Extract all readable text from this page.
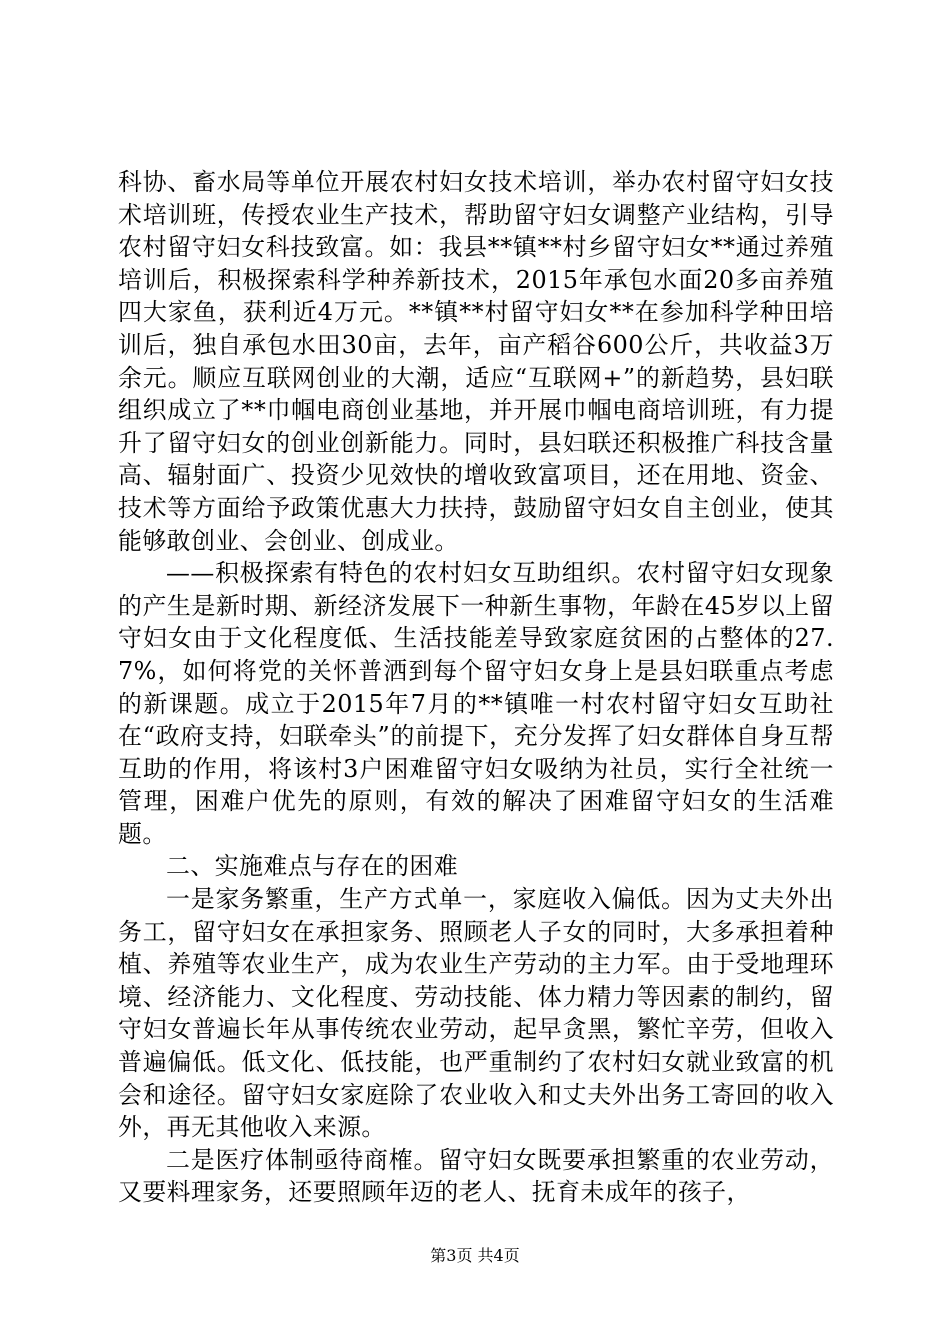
科协、畜水局等单位开展农村妇女技术培训，举办农村留守妇女技术培训班，传授农业生产技术，帮助留守妇女调整产业结构，引导农村留守妇女科技致富。如：我县**镇**村乡留守妇女**通过养殖培训后，积极探索科学种养新技术，2015年承包水面20多亩养殖四大家鱼，获利近4万元。**镇**村留守妇女**在参加科学种田培训后，独自承包水田30亩，去年，亩产稻谷600公斤，共收益3万余元。顺应互联网创业的大潮，适应“互联网+”的新趋势，县妇联组织成立了**巾帼电商创业基地，并开展巾帼电商培训班，有力提升了留守妇女的创业创新能力。同时，县妇联还积极推广科技含量高、辐射面广、投资少见效快的增收致富项目，还在用地、资金、技术等方面给予政策优惠大力扶持，鼓励留守妇女自主创业，使其能够敢创业、会创业、创成业。

——积极探索有特色的农村妇女互助组织。农村留守妇女现象的产生是新时期、新经济发展下一种新生事物，年龄在45岁以上留守妇女由于文化程度低、生活技能差导致家庭贫困的占整体的27.7%，如何将党的关怀普洒到每个留守妇女身上是县妇联重点考虑的新课题。成立于2015年7月的**镇唯一村农村留守妇女互助社在“政府支持，妇联牵头”的前提下，充分发挥了妇女群体自身互帮互助的作用，将该村3户困难留守妇女吸纳为社员，实行全社统一管理，困难户优先的原则，有效的解决了困难留守妇女的生活难题。

二、实施难点与存在的困难

一是家务繁重，生产方式单一，家庭收入偏低。因为丈夫外出务工，留守妇女在承担家务、照顾老人子女的同时，大多承担着种植、养殖等农业生产，成为农业生产劳动的主力军。由于受地理环境、经济能力、文化程度、劳动技能、体力精力等因素的制约，留守妇女普遍长年从事传统农业劳动，起早贪黑，繁忙辛劳，但收入普遍偏低。低文化、低技能，也严重制约了农村妇女就业致富的机会和途径。留守妇女家庭除了农业收入和丈夫外出务工寄回的收入外，再无其他收入来源。

二是医疗体制亟待商榷。留守妇女既要承担繁重的农业劳动，又要料理家务，还要照顾年迈的老人、抚育未成年的孩子，

第3页 共4页
